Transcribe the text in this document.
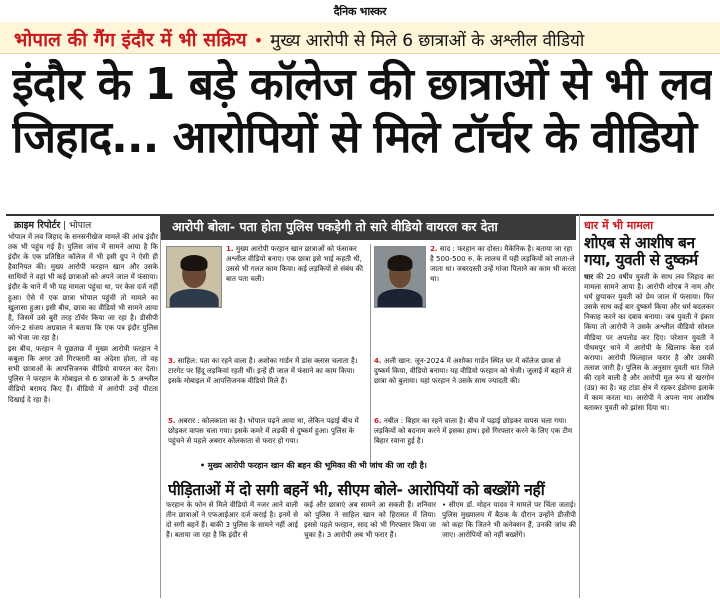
दैनिक भास्कर
भोपाल की गैंग इंदौर में भी सक्रिय • मुख्य आरोपी से मिले 6 छात्राओं के अश्लील वीडियो
इंदौर के 1 बड़े कॉलेज की छात्राओं से भी लव
जिहाद... आरोपियों से मिले टॉर्चर के वीडियो
क्राइम रिपोर्टर | भोपाल	आरोपी बोला- पता होता पुलिस पकड़ेगी तो सारे वीडियो वायरल कर देता

भोपाल में लव जिहाद के सनसनीखेज मामले की आंच इंदौर तक भी पहुंच गई है। पुलिस जांच में सामने आया है कि इंदौर के एक प्रतिष्ठित कॉलेज में भी इसी ग्रुप ने ऐसी ही हैवानियत की। मुख्य आरोपी फरहान खान और उसके साथियों ने वहां भी कई छात्राओं को अपने जाल में फंसाया। इंदौर के थाने में भी यह मामला पहुंचा था, पर केस दर्ज नहीं हुआ। ऐसे में एक छात्रा भोपाल पहुंची तो मामले का खुलासा हुआ। इसी बीच, छात्रा का वीडियो भी सामने आया है, जिसमें उसे बुरी तरह टॉर्चर किया जा रहा है। डीसीपी जोन-2 संजय अग्रवाल ने बताया कि एक पत्र इंदौर पुलिस को भेजा जा रहा है।

इस बीच, फरहान ने पूछताछ में मुख्य आरोपी फरहान ने कबूला कि अगर उसे गिरफ्तारी का अंदेशा होता, तो वह सभी छात्राओं के आपत्तिजनक वीडियो वायरल कर देता। पुलिस ने फरहान के मोबाइल से 6 छात्राओं के 5 अश्लील वीडियो बरामद किए हैं। वीडियो में आरोपी उन्हें पीटता दिखाई दे रहा है।

1. मुख्य आरोपी फरहान खान छात्राओं को फंसाकर अश्लील वीडियो बनाए। एक छात्रा इसे भाई कहती थी, उससे भी गलत काम किया। कई लड़कियों से संबंध की बात पता चली।
2. साद : फरहान का दोस्त। मैकेनिक है। बताया जा रहा है 500-500 रु. के लालच में यही लड़कियों को लाता-ले जाता था। जबरदस्ती उन्हें गांजा पिलाने का काम भी करता था।
3. साहिल: पता का रहने वाला है। अशोका गार्डन में डांस क्लास चलाता है। टारगेट पर हिंदू लड़कियां रहती थीं। इन्हें ही जाल में फंसाने का काम किया। इसके मोबाइल में आपत्तिजनक वीडियो मिले हैं।
4. अली खान: जून-2024 में अशोका गार्डन स्थित घर में कॉलेज छात्रा से दुष्कर्म किया, वीडियो बनाया। यह वीडियो फरहान को भेजी। जुलाई में बहाने से छात्रा को बुलाया। यहां फरहान ने उसके साथ ज्यादती की।
5. अबरार : कोलकाता का है। भोपाल पढ़ने आया था, लेकिन पढ़ाई बीच में छोड़कर वापस चला गया। इसके कमरे में लड़की से दुष्कर्म हुआ। पुलिस के पहुंचने से पहले अबरार कोलकाता से फरार हो गया।
6. नबील : बिहार का रहने वाला है। बीच में पढ़ाई छोड़कर वापस चला गया। लड़कियों को बदनाम करने में इसका हाथ। इसे गिरफ्तार करने के लिए एक टीम बिहार रवाना हुई है।
• मुख्य आरोपी फरहान खान की बहन की भूमिका की भी जांच की जा रही है।
पीड़िताओं में दो सगी बहनें भी, सीएम बोले- आरोपियों को बख्शेंगे नहीं
फरहान के फोन से मिले वीडियो में नजर आने वाली तीन छात्राओं ने एफआईआर दर्ज कराई है। इनमें से दो सगी बहनें हैं। बाकी 3 पुलिस के सामने नहीं आई हैं। बताया जा रहा है कि इंदौर से
कई और छात्राएं अब सामने आ सकती हैं। शनिवार को पुलिस ने साहिल खान को हिरासत में लिया। इससे पहले फरहान, साद को भी गिरफ्तार किया जा चुका है। 3 आरोपी अब भी फरार हैं।
• सीएम डॉ. मोहन यादव ने मामले पर चिंता जताई। पुलिस मुख्यालय में बैठक के दौरान उन्होंने डीजीपी को कहा कि जितने भी कनेक्शन हैं, उनकी जांच की जाए। आरोपियों को नहीं बख्शेंगे।
धार में भी मामला
शोएब से आशीष बन गया, युवती से दुष्कर्म

धार की 20 वर्षीय युवती के साथ लव जिहाद का मामला सामने आया है। आरोपी शोएब ने नाम और धर्म छुपाकर युवती को प्रेम जाल में फंसाया। फिर उसके साथ कई बार दुष्कर्म किया और धर्म बदलकर निकाह करने का दबाव बनाया। जब युवती ने इंकार किया तो आरोपी ने उसके अश्लील वीडियो सोशल मीडिया पर अपलोड कर दिए। परेशान युवती ने पीथमपुर थाने में आरोपी के खिलाफ केस दर्ज कराया। आरोपी फिलहाल फरार है और उसकी तलाश जारी है। पुलिस के अनुसार युवती धार जिले की रहने वाली है और आरोपी मूल रूप से खरगोन (उप्र) का है। वह टांडा क्षेत्र में रहकर इंडोरमा इलाके में काम करता था। आरोपी ने अपना नाम आशीष बताकर युवती को झांसा दिया था।
